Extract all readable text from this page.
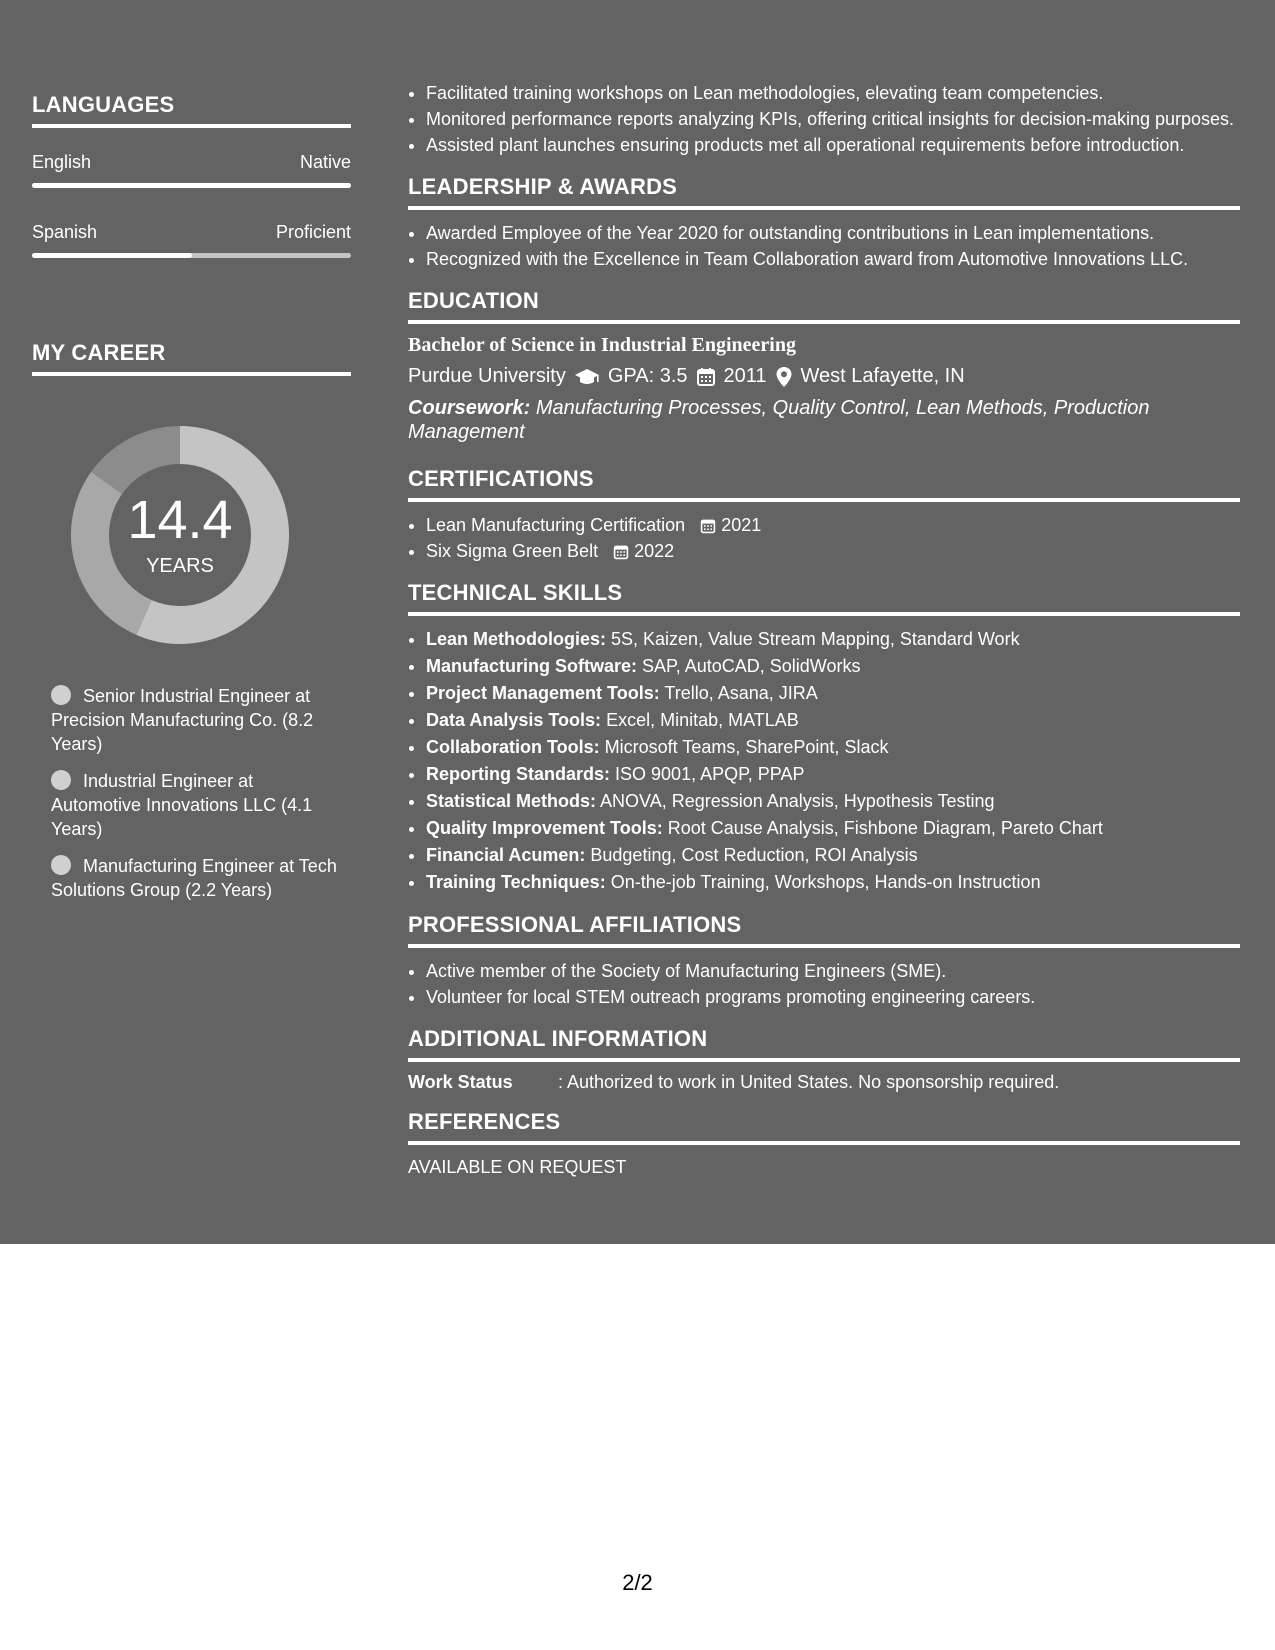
LANGUAGES
English	Native
Spanish	Proficient
MY CAREER
14.4
YEARS
Senior Industrial Engineer at Precision Manufacturing Co. (8.2 Years)
Industrial Engineer at Automotive Innovations LLC (4.1 Years)
Manufacturing Engineer at Tech Solutions Group (2.2 Years)
• Facilitated training workshops on Lean methodologies, elevating team competencies.
• Monitored performance reports analyzing KPIs, offering critical insights for decision-making purposes.
• Assisted plant launches ensuring products met all operational requirements before introduction.
LEADERSHIP & AWARDS
• Awarded Employee of the Year 2020 for outstanding contributions in Lean implementations.
• Recognized with the Excellence in Team Collaboration award from Automotive Innovations LLC.
EDUCATION
Bachelor of Science in Industrial Engineering
Purdue University GPA: 3.5 2011 West Lafayette, IN
Coursework: Manufacturing Processes, Quality Control, Lean Methods, Production Management
CERTIFICATIONS
• Lean Manufacturing Certification 2021
• Six Sigma Green Belt 2022
TECHNICAL SKILLS
• Lean Methodologies: 5S, Kaizen, Value Stream Mapping, Standard Work
• Manufacturing Software: SAP, AutoCAD, SolidWorks
• Project Management Tools: Trello, Asana, JIRA
• Data Analysis Tools: Excel, Minitab, MATLAB
• Collaboration Tools: Microsoft Teams, SharePoint, Slack
• Reporting Standards: ISO 9001, APQP, PPAP
• Statistical Methods: ANOVA, Regression Analysis, Hypothesis Testing
• Quality Improvement Tools: Root Cause Analysis, Fishbone Diagram, Pareto Chart
• Financial Acumen: Budgeting, Cost Reduction, ROI Analysis
• Training Techniques: On-the-job Training, Workshops, Hands-on Instruction
PROFESSIONAL AFFILIATIONS
• Active member of the Society of Manufacturing Engineers (SME).
• Volunteer for local STEM outreach programs promoting engineering careers.
ADDITIONAL INFORMATION
Work Status	: Authorized to work in United States. No sponsorship required.
REFERENCES
AVAILABLE ON REQUEST
2/2
